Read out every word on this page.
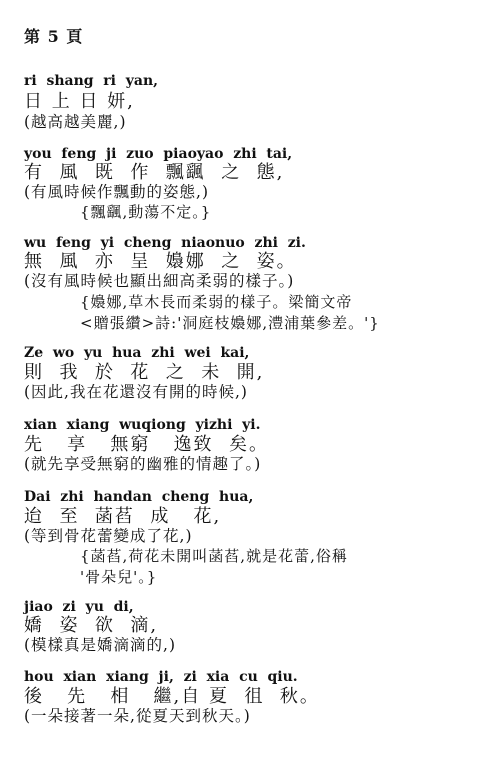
第 5 頁
ri  shang  ri  yan,
日 上 日 妍,
(越高越美麗,)
you  feng  ji  zuo  piaoyao  zhi  tai,
有  風  既  作  飄颻  之  態,
(有風時候作飄動的姿態,)
{飄颻,動蕩不定。}
wu  feng  yi  cheng  niaonuo  zhi  zi.
無  風  亦  呈  嬝娜  之  姿。
(沒有風時候也顯出細高柔弱的樣子。)
{嬝娜,草木長而柔弱的樣子。梁簡文帝
<贈張纘>詩:'洞庭枝嬝娜,澧浦葉參差。'}
Ze  wo  yu  hua  zhi  wei  kai,
則  我  於  花  之  未  開,
(因此,我在花還沒有開的時候,)
xian  xiang  wuqiong  yizhi  yi.
先   享   無窮   逸致  矣。
(就先享受無窮的幽雅的情趣了。)
Dai  zhi  handan  cheng  hua,
迨  至  菡萏  成   花,
(等到骨花蕾變成了花,)
{菡萏,荷花未開叫菡萏,就是花蕾,俗稱
'骨朵兒'。}
jiao  zi  yu  di,
嬌  姿  欲  滴,
(模樣真是嬌滴滴的,)
hou  xian  xiang  ji,  zi  xia  cu  qiu.
後   先   相   繼,自 夏  徂  秋。
(一朵接著一朵,從夏天到秋天。)
